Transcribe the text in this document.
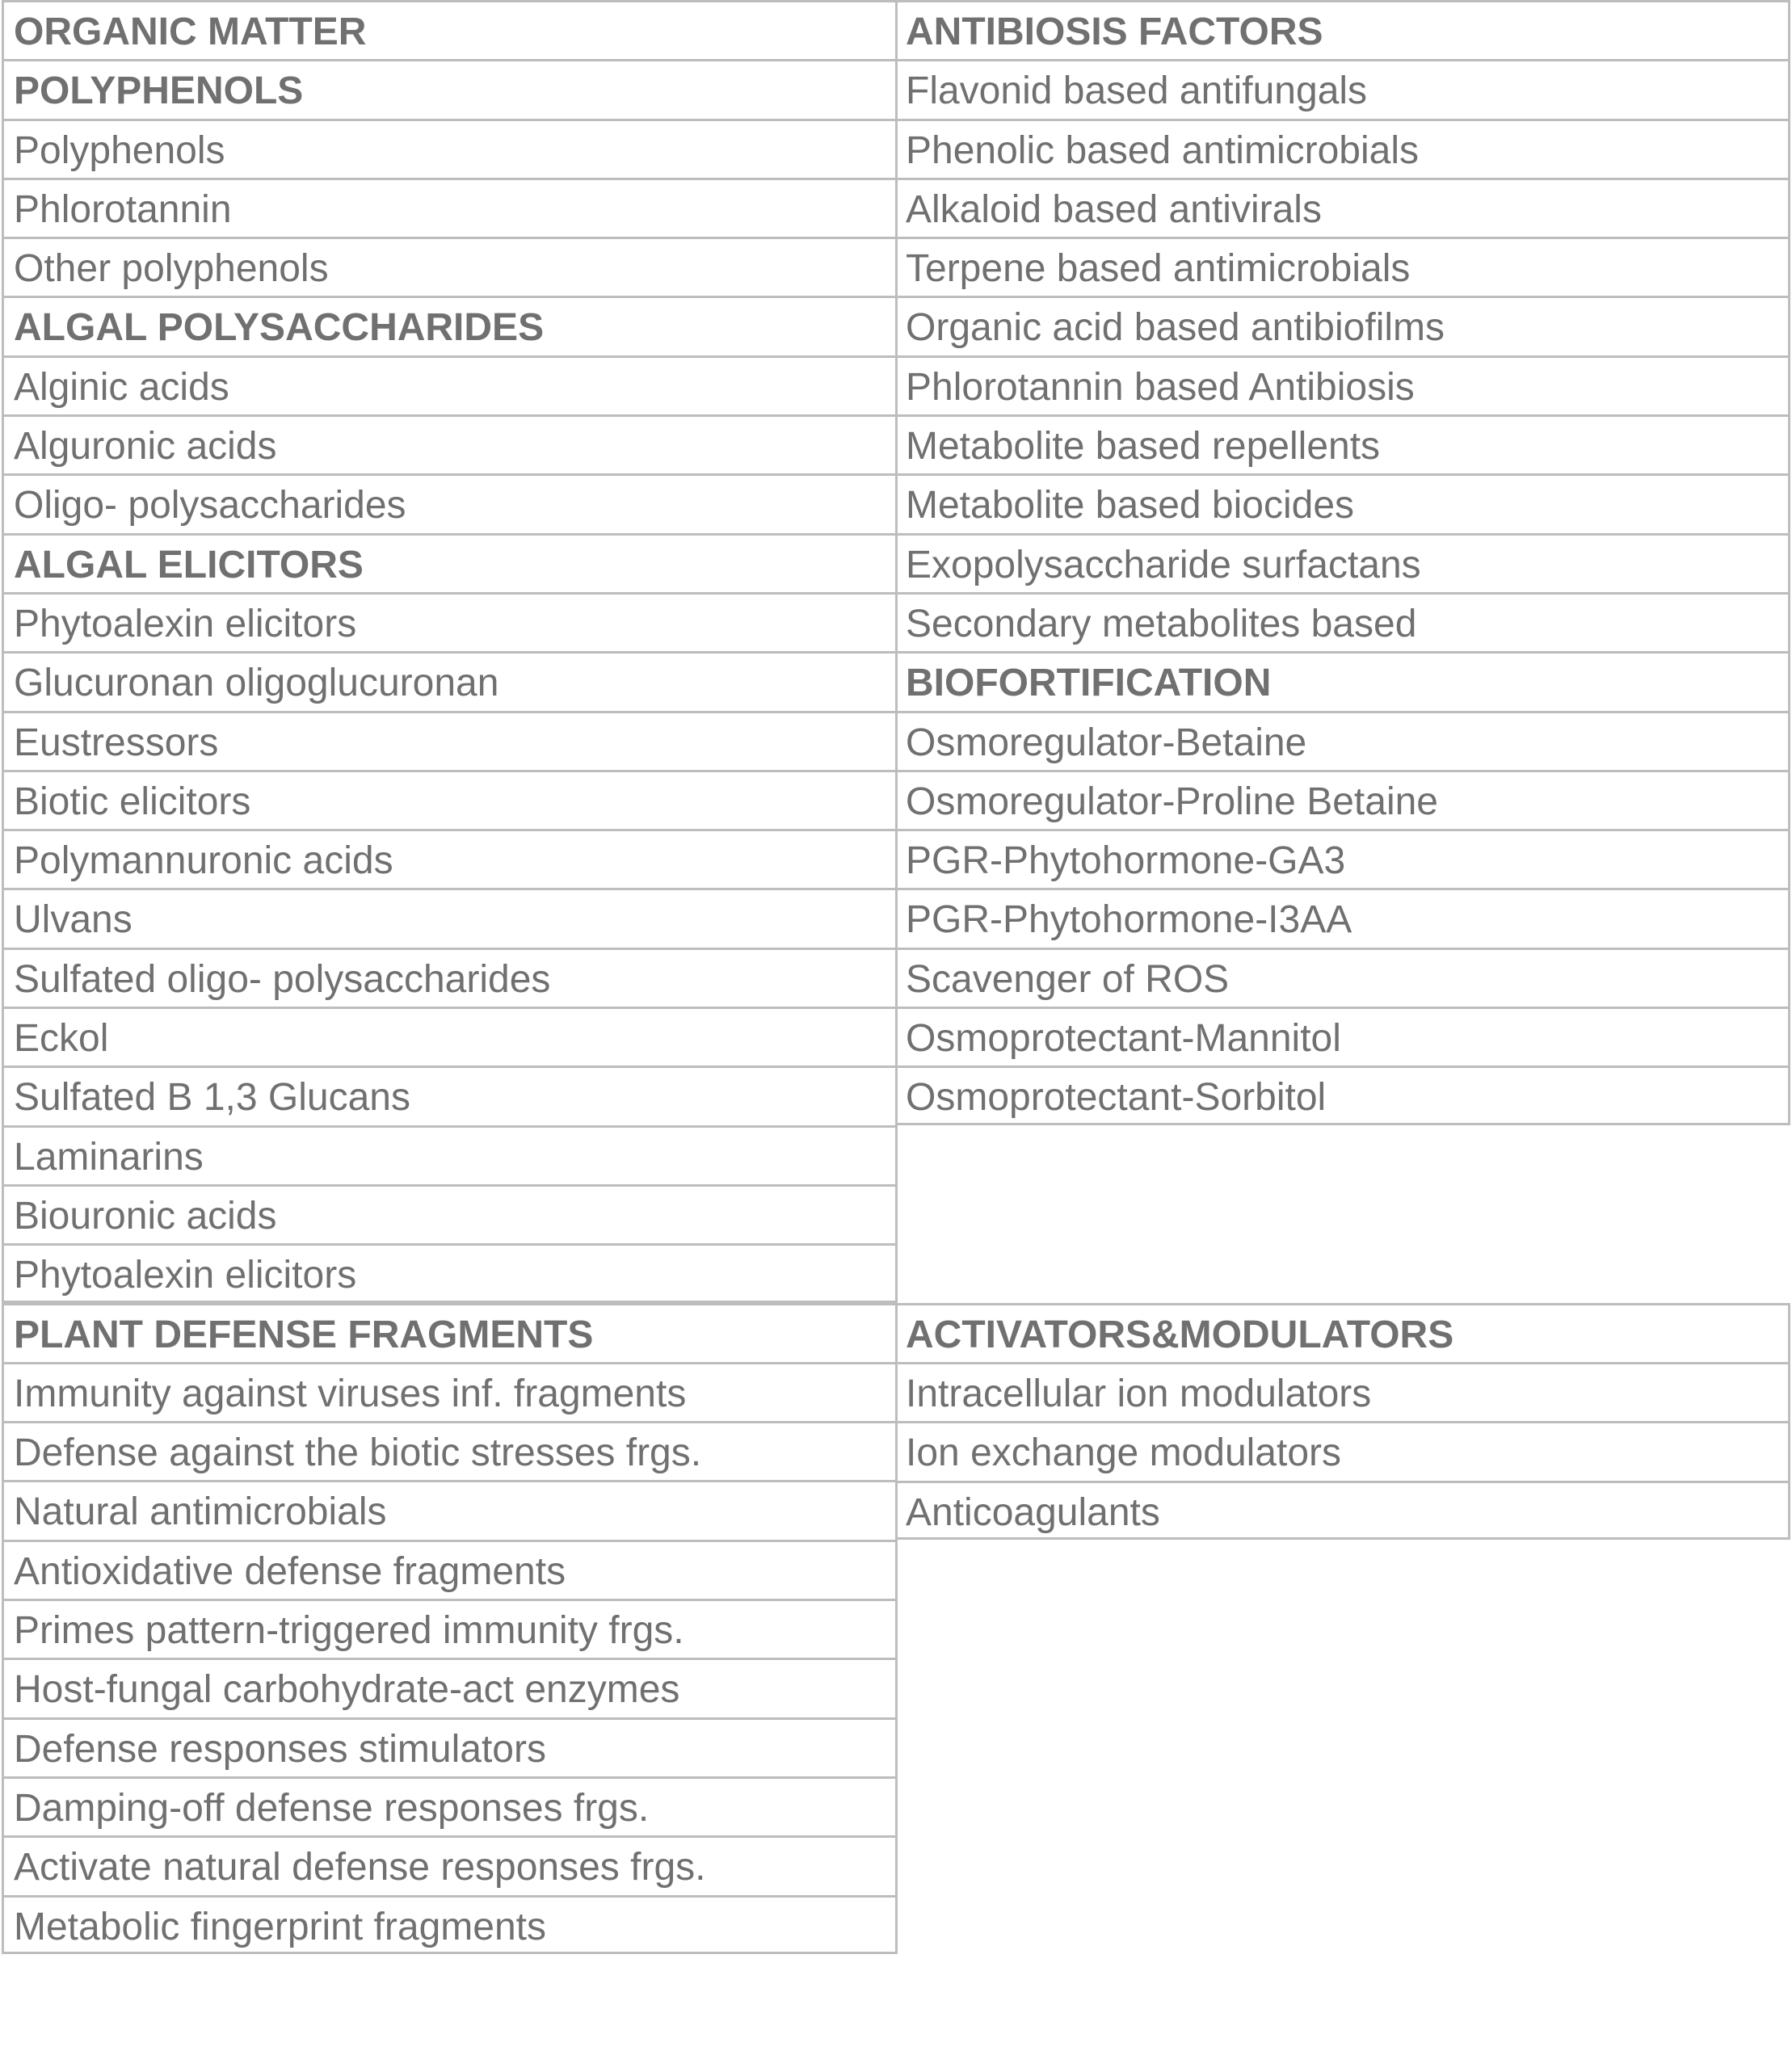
ORGANIC MATTER
POLYPHENOLS
Polyphenols
Phlorotannin
Other polyphenols
ALGAL POLYSACCHARIDES
Alginic acids
Alguronic acids
Oligo- polysaccharides
ALGAL ELICITORS
Phytoalexin elicitors
Glucuronan oligoglucuronan
Eustressors
Biotic elicitors
Polymannuronic acids
Ulvans
Sulfated oligo- polysaccharides
Eckol
Sulfated B 1,3 Glucans
Laminarins
Biouronic acids
Phytoalexin elicitors
PLANT DEFENSE FRAGMENTS
Immunity against viruses inf. fragments
Defense against the biotic stresses frgs.
Natural antimicrobials
Antioxidative defense fragments
Primes pattern-triggered immunity frgs.
Host-fungal carbohydrate-act enzymes
Defense responses stimulators
Damping-off defense responses frgs.
Activate natural defense responses frgs.
Metabolic fingerprint fragments
ANTIBIOSIS FACTORS
Flavonid based antifungals
Phenolic based antimicrobials
Alkaloid based antivirals
Terpene based antimicrobials
Organic acid based antibiofilms
Phlorotannin based Antibiosis
Metabolite based repellents
Metabolite based biocides
Exopolysaccharide surfactans
Secondary metabolites based
BIOFORTIFICATION
Osmoregulator-Betaine
Osmoregulator-Proline Betaine
PGR-Phytohormone-GA3
PGR-Phytohormone-I3AA
Scavenger of ROS
Osmoprotectant-Mannitol
Osmoprotectant-Sorbitol
ACTIVATORS&MODULATORS
Intracellular ion modulators
Ion exchange modulators
Anticoagulants
